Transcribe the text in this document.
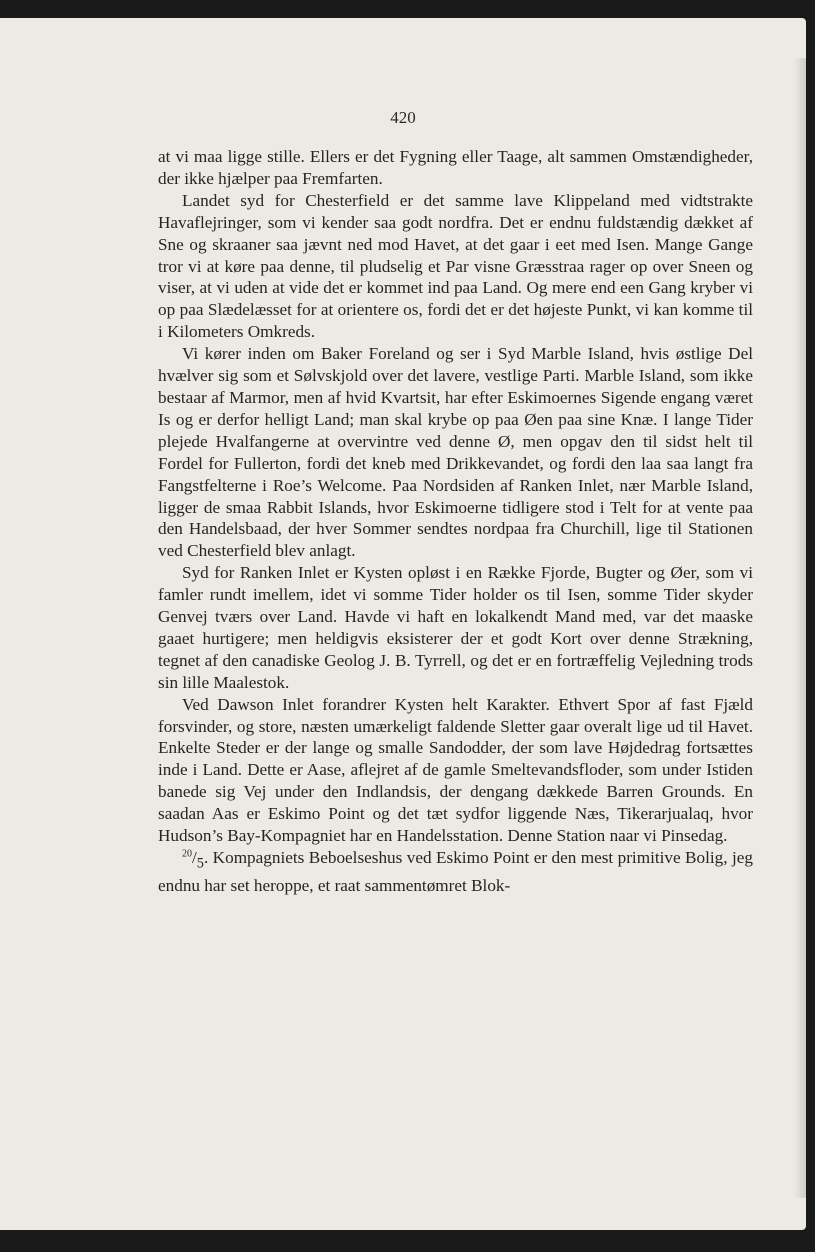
420

at vi maa ligge stille. Ellers er det Fygning eller Taage, alt sammen Omstændigheder, der ikke hjælper paa Fremfarten.

Landet syd for Chesterfield er det samme lave Klippeland med vidtstrakte Havaflejringer, som vi kender saa godt nordfra. Det er endnu fuldstændig dækket af Sne og skraaner saa jævnt ned mod Havet, at det gaar i eet med Isen. Mange Gange tror vi at køre paa denne, til pludselig et Par visne Græsstraa rager op over Sneen og viser, at vi uden at vide det er kommet ind paa Land. Og mere end een Gang kryber vi op paa Slædelæsset for at orientere os, fordi det er det højeste Punkt, vi kan komme til i Kilometers Omkreds.

Vi kører inden om Baker Foreland og ser i Syd Marble Island, hvis østlige Del hvælver sig som et Sølvskjold over det lavere, vestlige Parti. Marble Island, som ikke bestaar af Marmor, men af hvid Kvartsit, har efter Eskimoernes Sigende engang været Is og er derfor helligt Land; man skal krybe op paa Øen paa sine Knæ. I lange Tider plejede Hvalfangerne at overvintre ved denne Ø, men opgav den til sidst helt til Fordel for Fullerton, fordi det kneb med Drikkevandet, og fordi den laa saa langt fra Fangstfelterne i Roe’s Welcome. Paa Nordsiden af Ranken Inlet, nær Marble Island, ligger de smaa Rabbit Islands, hvor Eskimoerne tidligere stod i Telt for at vente paa den Handelsbaad, der hver Sommer sendtes nordpaa fra Churchill, lige til Stationen ved Chesterfield blev anlagt.

Syd for Ranken Inlet er Kysten opløst i en Række Fjorde, Bugter og Øer, som vi famler rundt imellem, idet vi somme Tider holder os til Isen, somme Tider skyder Genvej tværs over Land. Havde vi haft en lokalkendt Mand med, var det maaske gaaet hurtigere; men heldigvis eksisterer der et godt Kort over denne Strækning, tegnet af den canadiske Geolog J. B. Tyrrell, og det er en fortræffelig Vejledning trods sin lille Maalestok.

Ved Dawson Inlet forandrer Kysten helt Karakter. Ethvert Spor af fast Fjæld forsvinder, og store, næsten umærkeligt faldende Sletter gaar overalt lige ud til Havet. Enkelte Steder er der lange og smalle Sandodder, der som lave Højdedrag fortsættes inde i Land. Dette er Aase, aflejret af de gamle Smeltevandsfloder, som under Istiden banede sig Vej under den Indlandsis, der dengang dækkede Barren Grounds. En saadan Aas er Eskimo Point og det tæt sydfor liggende Næs, Tikerarjualaq, hvor Hudson’s Bay-Kompagniet har en Handelsstation. Denne Station naar vi Pinsedag.

$^{20}/_5$. Kompagniets Beboelseshus ved Eskimo Point er den mest primitive Bolig, jeg endnu har set heroppe, et raat sammentømret Blok-
